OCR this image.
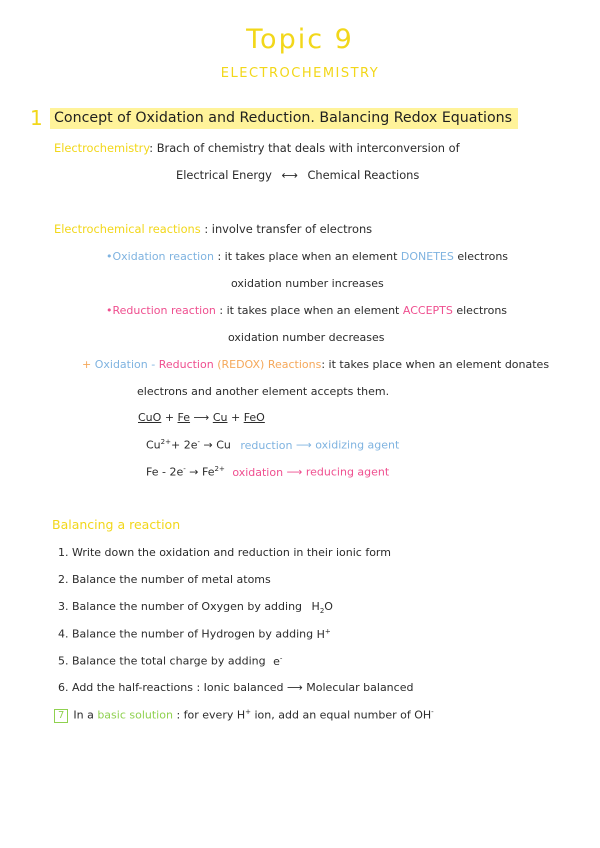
Topic 9
ELECTROCHEMISTRY
1 Concept of Oxidation and Reduction. Balancing Redox Equations
Electrochemistry: Brach of chemistry that deals with interconversion of
Electrical Energy ⟷ Chemical Reactions
Electrochemical reactions : involve transfer of electrons
•Oxidation reaction : it takes place when an element DONETES electrons
oxidation number increases
•Reduction reaction : it takes place when an element ACCEPTS electrons
oxidation number decreases
+ Oxidation - Reduction (REDOX) Reactions: it takes place when an element donates
electrons and another element accepts them.
CuO + Fe ⟶ Cu + FeO
$Cu^{2+}+ 2e^- \to Cu$ reduction ⟶ oxidizing agent
$Fe - 2e^- \to Fe^{2+}$ oxidation ⟶ reducing agent
Balancing a reaction
1. Write down the oxidation and reduction in their ionic form
2. Balance the number of metal atoms
3. Balance the number of Oxygen by adding $H_2O$
4. Balance the number of Hydrogen by adding H+
5. Balance the total charge by adding e-
6. Add the half-reactions : Ionic balanced ⟶ Molecular balanced
7 In a basic solution : for every H+ ion, add an equal number of OH-
